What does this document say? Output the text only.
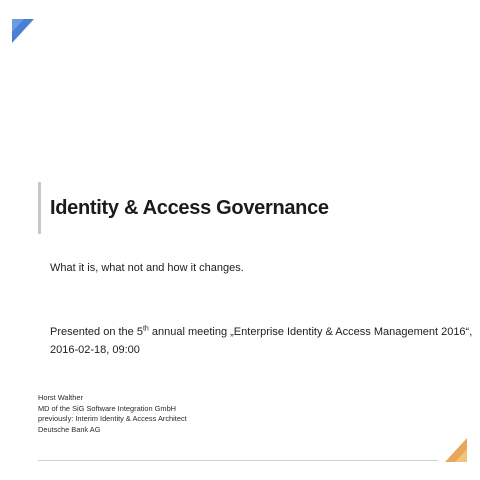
Identity & Access Governance
What it is, what not and how it changes.
Presented on the 5th annual meeting „Enterprise Identity & Access Management 2016“,
2016-02-18, 09:00
Horst Walther
MD of the SiG Software Integration GmbH
previously: Interim Identity & Access Architect
Deutsche Bank AG
